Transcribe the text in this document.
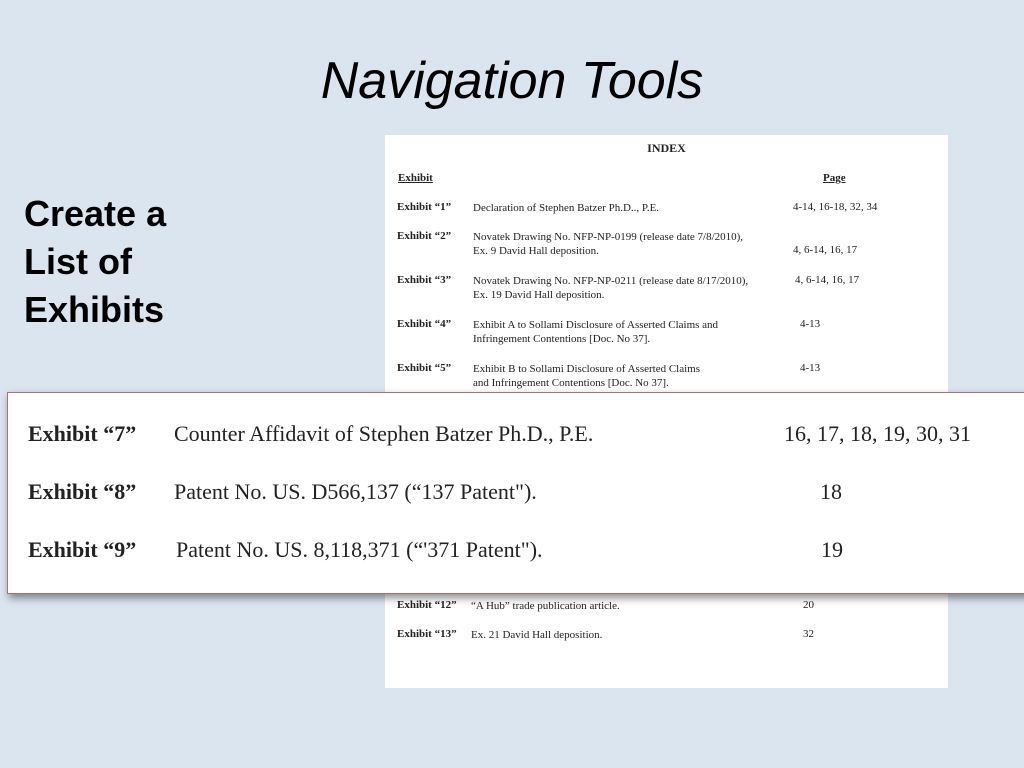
Navigation Tools
Create a
List of
Exhibits
INDEX
Exhibit	Page
Exhibit “1” Declaration of Stephen Batzer Ph.D.., P.E.	4-14, 16-18, 32, 34
Exhibit “2” Novatek Drawing No. NFP-NP-0199 (release date 7/8/2010),
Ex. 9 David Hall deposition.	4, 6-14, 16, 17
Exhibit “3” Novatek Drawing No. NFP-NP-0211 (release date 8/17/2010),
Ex. 19 David Hall deposition.
4, 6-14, 16, 17
Exhibit “4” Exhibit A to Sollami Disclosure of Asserted Claims and
Infringement Contentions [Doc. No 37].
4-13
Exhibit “5” Exhibit B to Sollami Disclosure of Asserted Claims
and Infringement Contentions [Doc. No 37].
4-13
Exhibit “12” “A Hub” trade publication article.	20
Exhibit “13” Ex. 21 David Hall deposition.	32
Exhibit “7” Counter Affidavit of Stephen Batzer Ph.D., P.E.	16, 17, 18, 19, 30, 31
Exhibit “8” Patent No. US. D566,137 (“137 Patent").	18
Exhibit “9” Patent No. US. 8,118,371 (“'371 Patent").	19
